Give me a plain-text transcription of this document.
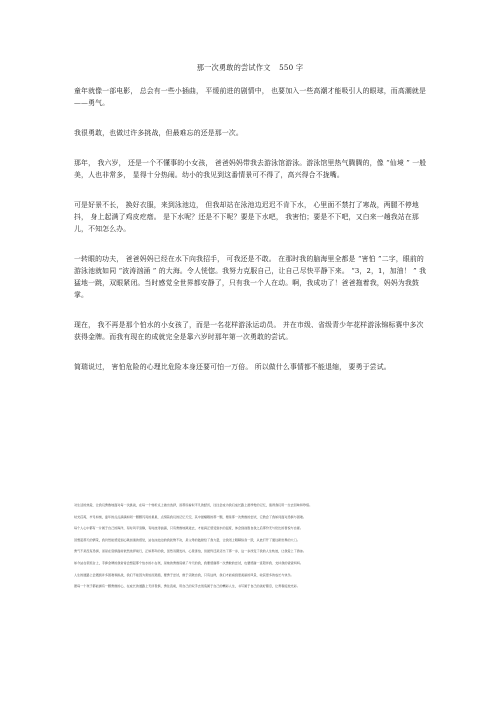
那一次勇敢的尝试作文 550 字

童年就像一部电影， 总会有一些小插曲， 平缓前进的剧情中， 也要加入一些高潮才能吸引人的眼球，而高潮就是 ——勇气。

我很勇敢，也做过许多挑战，但最难忘的还是那一次。

那年， 我六岁， 还是一个不懂事的小女孩， 爸爸妈妈带我去游泳馆游泳。游泳馆里热气腾腾的，像 “仙境 ” 一般美，人也非常多， 显得十分热闹。幼小的我见到这番情景可不得了，高兴得合不拢嘴。

可是好景不长， 换好衣服，来到泳池边， 但我却站在泳池边迟迟不肯下水， 心里面不禁打了寒战，两腿不停地抖， 身上起满了鸡皮疙瘩。 是下水呢？还是不下呢？要是下水吧， 我害怕；要是不下吧，又白来一趟我站在那儿，不知怎么办。

一转眼的功夫， 爸爸妈妈已经在水下向我招手， 可我还是不敢。 在那时我的脑海里全都是 “害怕 ”二字，眼前的游泳池就如同 “波涛汹涌 ” 的大海。令人恍惚。我努力克服自己，让自己尽快平静下来。 “3，2，1，加油！ ” 我猛地一跳，双眼紧闭。当时感觉全世界都安静了，只有我一个人在动。啊，我成功了！爸爸拖着我，妈妈为我鼓掌。

现在， 我不再是那个怕水的小女孩了，而是一名花样游泳运动员。 并在市级、省级青少年花样游泳锦标赛中多次获得金牌。而我有现在的成就完全是靠六岁时那年第一次勇敢的尝试。

简瑞说过， 害怕危险的心理比危险本身还要可怕一万倍。 所以做什么事情都不能退缩， 要勇于尝试。

对生活的热爱，让我们勇敢地面对每一次挑战，在每一个转折点上做出选择，而那些看似平凡的经历，往往会成为我们成长路上最珍贵的记忆，值得我们用一生去回味和珍惜。

时光荏苒，岁月如梭，童年的点点滴滴如同一颗颗闪亮的星星，点缀着我们的记忆天空，其中最耀眼的那一颗，便是那一次勇敢的尝试，它教会了我如何面对恐惧与困难。

每个人心中都有一片属于自己的海洋，有时风平浪静，有时波涛汹涌，只有勇敢地跳进去，才能真正感受到水的温度，体会到战胜自我之后那份无与伦比的喜悦与自豪。

回想起那天的情景，我仍然能感受到心跳加速的感觉，站在泳池边的我犹豫不决，是父母的鼓励给了我力量，让我闭上眼睛纵身一跃，从此打开了通往新世界的大门。

勇气不是没有恐惧，而是在恐惧面前依然选择前行，正如那年的我，虽然双腿发抖，心里害怕，但最终还是迈出了那一步，这一步改变了我的人生轨迹，让我爱上了游泳。

如今站在领奖台上，手捧金牌的我常常会想起那个怕水的小女孩，是她的勇敢造就了今天的我，我要感谢那一次勇敢的尝试，也要感谢一直陪伴我、支持我的爸爸妈妈。

人生的道路上会遇到许多困难和挑战，我们不能因为害怕而退缩，要勇于尝试，敢于突破自我，只有这样，我们才能看到更美丽的风景，收获更多的成长与快乐。

愿每一个孩子都能拥有一颗勇敢的心，在成长的道路上无所畏惧，勇往直前，用自己的双手去创造属于自己的精彩人生，书写属于自己的美好篇章，让青春绽放光彩。
